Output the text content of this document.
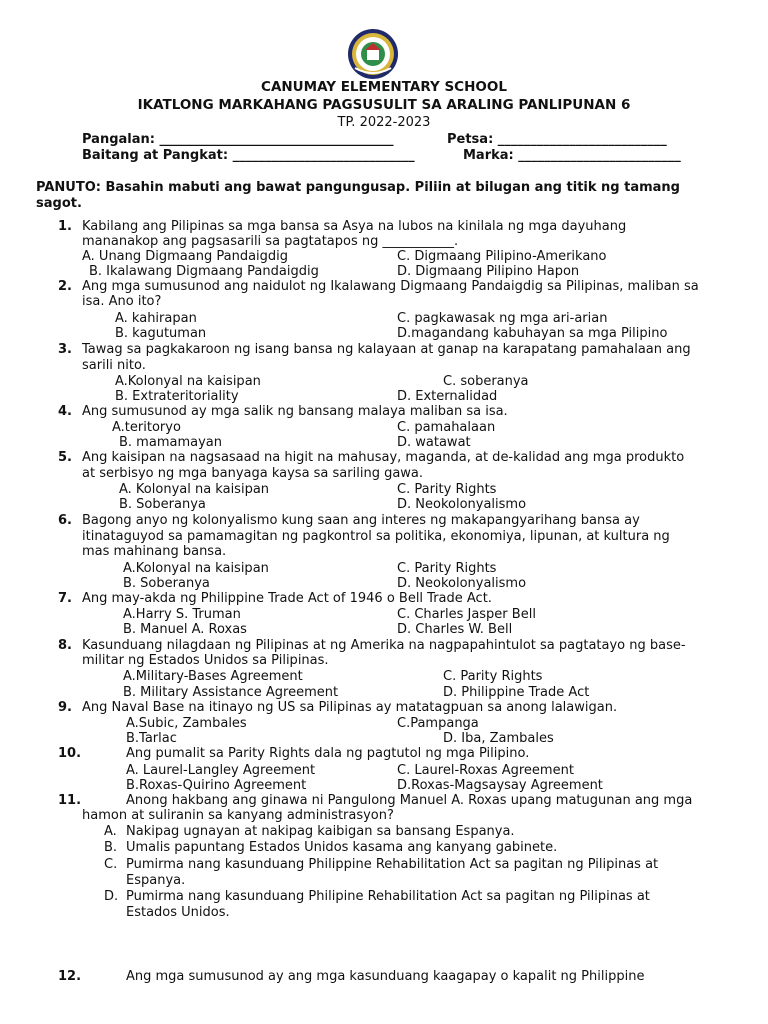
CANUMAY ELEMENTARY SCHOOL
IKATLONG MARKAHANG PAGSUSULIT SA ARALING PANLIPUNAN 6
TP. 2022-2023
Pangalan: ____________________________________	Petsa: __________________________
Baitang at Pangkat: ____________________________	Marka: _________________________
PANUTO: Basahin mabuti ang bawat pangungusap. Piliin at bilugan ang titik ng tamang
sagot.
1. Kabilang ang Pilipinas sa mga bansa sa Asya na lubos na kinilala ng mga dayuhang
mananakop ang pagsasarili sa pagtatapos ng ___________.
A. Unang Digmaang Pandaigdig	C. Digmaang Pilipino-Amerikano
B. Ikalawang Digmaang Pandaigdig	D. Digmaang Pilipino Hapon
2. Ang mga sumusunod ang naidulot ng Ikalawang Digmaang Pandaigdig sa Pilipinas, maliban sa
isa. Ano ito?
A. kahirapan	C. pagkawasak ng mga ari-arian
B. kagutuman	D.magandang kabuhayan sa mga Pilipino
3. Tawag sa pagkakaroon ng isang bansa ng kalayaan at ganap na karapatang pamahalaan ang
sarili nito.
A.Kolonyal na kaisipan	C. soberanya
B. Extrateritoriality	D. Externalidad
4. Ang sumusunod ay mga salik ng bansang malaya maliban sa isa.
A.teritoryo	C. pamahalaan
B. mamamayan	D. watawat
5. Ang kaisipan na nagsasaad na higit na mahusay, maganda, at de-kalidad ang mga produkto
at serbisyo ng mga banyaga kaysa sa sariling gawa.
A. Kolonyal na kaisipan	C. Parity Rights
B. Soberanya	D. Neokolonyalismo
6. Bagong anyo ng kolonyalismo kung saan ang interes ng makapangyarihang bansa ay
itinataguyod sa pamamagitan ng pagkontrol sa politika, ekonomiya, lipunan, at kultura ng
mas mahinang bansa.
A.Kolonyal na kaisipan	C. Parity Rights
B. Soberanya	D. Neokolonyalismo
7. Ang may-akda ng Philippine Trade Act of 1946 o Bell Trade Act.
A.Harry S. Truman	C. Charles Jasper Bell
B. Manuel A. Roxas	D. Charles W. Bell
8. Kasunduang nilagdaan ng Pilipinas at ng Amerika na nagpapahintulot sa pagtatayo ng base-
militar ng Estados Unidos sa Pilipinas.
A.Military-Bases Agreement	C. Parity Rights
B. Military Assistance Agreement	D. Philippine Trade Act
9. Ang Naval Base na itinayo ng US sa Pilipinas ay matatagpuan sa anong lalawigan.
A.Subic, Zambales	C.Pampanga
B.Tarlac	D. Iba, Zambales
10.	Ang pumalit sa Parity Rights dala ng pagtutol ng mga Pilipino.
A. Laurel-Langley Agreement	C. Laurel-Roxas Agreement
B.Roxas-Quirino Agreement	D.Roxas-Magsaysay Agreement
11.	Anong hakbang ang ginawa ni Pangulong Manuel A. Roxas upang matugunan ang mga
hamon at suliranin sa kanyang administrasyon?
A. Nakipag ugnayan at nakipag kaibigan sa bansang Espanya.
B. Umalis papuntang Estados Unidos kasama ang kanyang gabinete.
C. Pumirma nang kasunduang Philippine Rehabilitation Act sa pagitan ng Pilipinas at
Espanya.
D. Pumirma nang kasunduang Philipine Rehabilitation Act sa pagitan ng Pilipinas at
Estados Unidos.
12.	Ang mga sumusunod ay ang mga kasunduang kaagapay o kapalit ng Philippine
